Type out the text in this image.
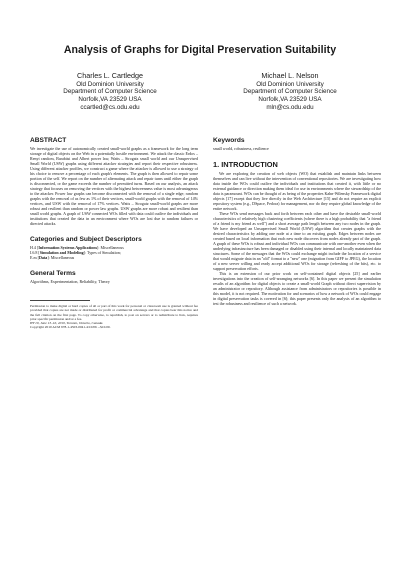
Analysis of Graphs for Digital Preservation Suitability
Charles L. Cartledge
Old Dominion University
Department of Computer Science
Norfolk,VA 23529 USA
ccartled@cs.odu.edu
Michael L. Nelson
Old Dominion University
Department of Computer Science
Norfolk,VA 23529 USA
mln@cs.odu.edu
ABSTRACT

We investigate the use of autonomically created small-world graphs as a framework for the long term storage of digital objects on the Web in a potentially hostile environment. We attack the classic Erdos – Renyi random, Barabási and Albert power law, Watts – Strogatz small world and our Unsupervised Small World (USW) graphs using different attacker strategies and report their respective robustness. Using different attacker profiles, we construct a game where the attacker is allowed to use a strategy of his choice to remove a percentage of each graph's elements. The graph is then allowed to repair some portion of the self. We report on the number of alternating attack and repair turns until either the graph is disconnected, or the game exceeds the number of permitted turns. Based on our analysis, an attack strategy that focuses on removing the vertices with the highest betweenness value is most advantageous to the attacker. Power law graphs can become disconnected with the removal of a single edge; random graphs with the removal of as few as 1% of their vertices, small-world graphs with the removal of 14% vertices, and USW with the removal of 17% vertices. Watts – Strogatz small-world graphs are more robust and resilient than random or power law graphs. USW graphs are more robust and resilient than small world graphs. A graph of USW connected WOs filled with data could outlive the individuals and institutions that created the data in an environment where WOs are lost due to random failures or directed attacks.

Categories and Subject Descriptors

H.4 [Information Systems Applications]: Miscellaneous
I.6.8 [Simulation and Modeling]: Types of Simulation;
E.m [Data]: Miscellaneous

General Terms

Algorithms, Experimentation, Reliability, Theory

Permission to make digital or hard copies of all or part of this work for personal or classroom use is granted without fee provided that copies are not made or distributed for profit or commercial advantage and that copies bear this notice and the full citation on the first page. To copy otherwise, to republish, to post on servers or to redistribute to lists, requires prior specific permission and/or a fee.

HT'10, June 13–16, 2010, Toronto, Ontario, Canada.

Copyright 2010 ACM 978-1-4503-0041-4/10/06 ...$10.00.

Keywords

small world, robustness, resilience

1. INTRODUCTION

We are exploring the creation of web objects (WO) that establish and maintain links between themselves and can live without the intervention of conventional repositories. We are investigating how data inside the WOs could outlive the individuals and institutions that created it, with little or no external guidance or direction making them ideal for use in environments where the stewardship of the data is paramount. WOs can be thought of as being of the properties Kahn-Wilensky Framework digital objects [17] except that they live directly in the Web Architecture [15] and do not require an explicit repository system (e.g., DSpace, Fedora) for management, nor do they require global knowledge of the entire network.

These WOs send messages back and forth between each other and have the desirable small-world characteristics of relatively high clustering coefficients (where there is a high probability that "a friend of a friend is my friend as well") and a short average path length between any two nodes in the graph. We have developed an Unsupervised Small World (USW) algorithm that creates graphs with the desired characteristics by adding one node at a time to an existing graph. Edges between nodes are created based on local information that each new node discovers from nodes already part of the graph. A graph of these WOs is robust and individual WOs can communicate with one-another even when the underlying infrastructure has been damaged or disabled using their internal and locally maintained data structures. Some of the messages that the WOs could exchange might include the location of a service that would migrate data in an "old" format to a "new" one (migration from GIFF to JPEG), the location of a new server willing and ready accept additional WOs for storage (refreshing of the bits), etc. to support preservation efforts.

This is an extension of our prior work on self-contained digital objects [25] and earlier investigations into the creation of self-arranging networks [6]. In this paper we present the simulation results of an algorithm for digital objects to create a small-world Graph without direct supervision by an administrator or repository. Although assistance from administrators or repositories is possible in this model, it is not required. The motivation for and scenarios of how a network of WOs could engage in digital preservation tasks is covered in [6]; this paper presents only the analysis of an algorithm to test the robustness and resilience of such a network.
